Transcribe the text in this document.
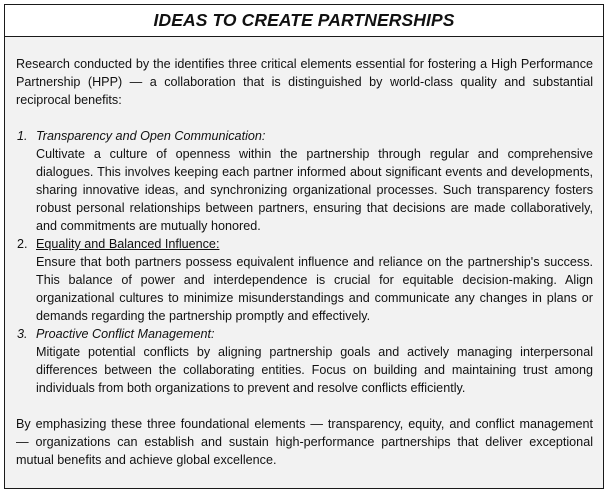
IDEAS TO CREATE PARTNERSHIPS

Research conducted by the identifies three critical elements essential for fostering a High Performance Partnership (HPP) — a collaboration that is distinguished by world-class quality and substantial reciprocal benefits:

1. Transparency and Open Communication:

Cultivate a culture of openness within the partnership through regular and comprehensive dialogues. This involves keeping each partner informed about significant events and developments, sharing innovative ideas, and synchronizing organizational processes. Such transparency fosters robust personal relationships between partners, ensuring that decisions are made collaboratively, and commitments are mutually honored.

2. Equality and Balanced Influence:

Ensure that both partners possess equivalent influence and reliance on the partnership's success. This balance of power and interdependence is crucial for equitable decision-making. Align organizational cultures to minimize misunderstandings and communicate any changes in plans or demands regarding the partnership promptly and effectively.

3. Proactive Conflict Management:

Mitigate potential conflicts by aligning partnership goals and actively managing interpersonal differences between the collaborating entities. Focus on building and maintaining trust among individuals from both organizations to prevent and resolve conflicts efficiently.

By emphasizing these three foundational elements — transparency, equity, and conflict management — organizations can establish and sustain high-performance partnerships that deliver exceptional mutual benefits and achieve global excellence.
